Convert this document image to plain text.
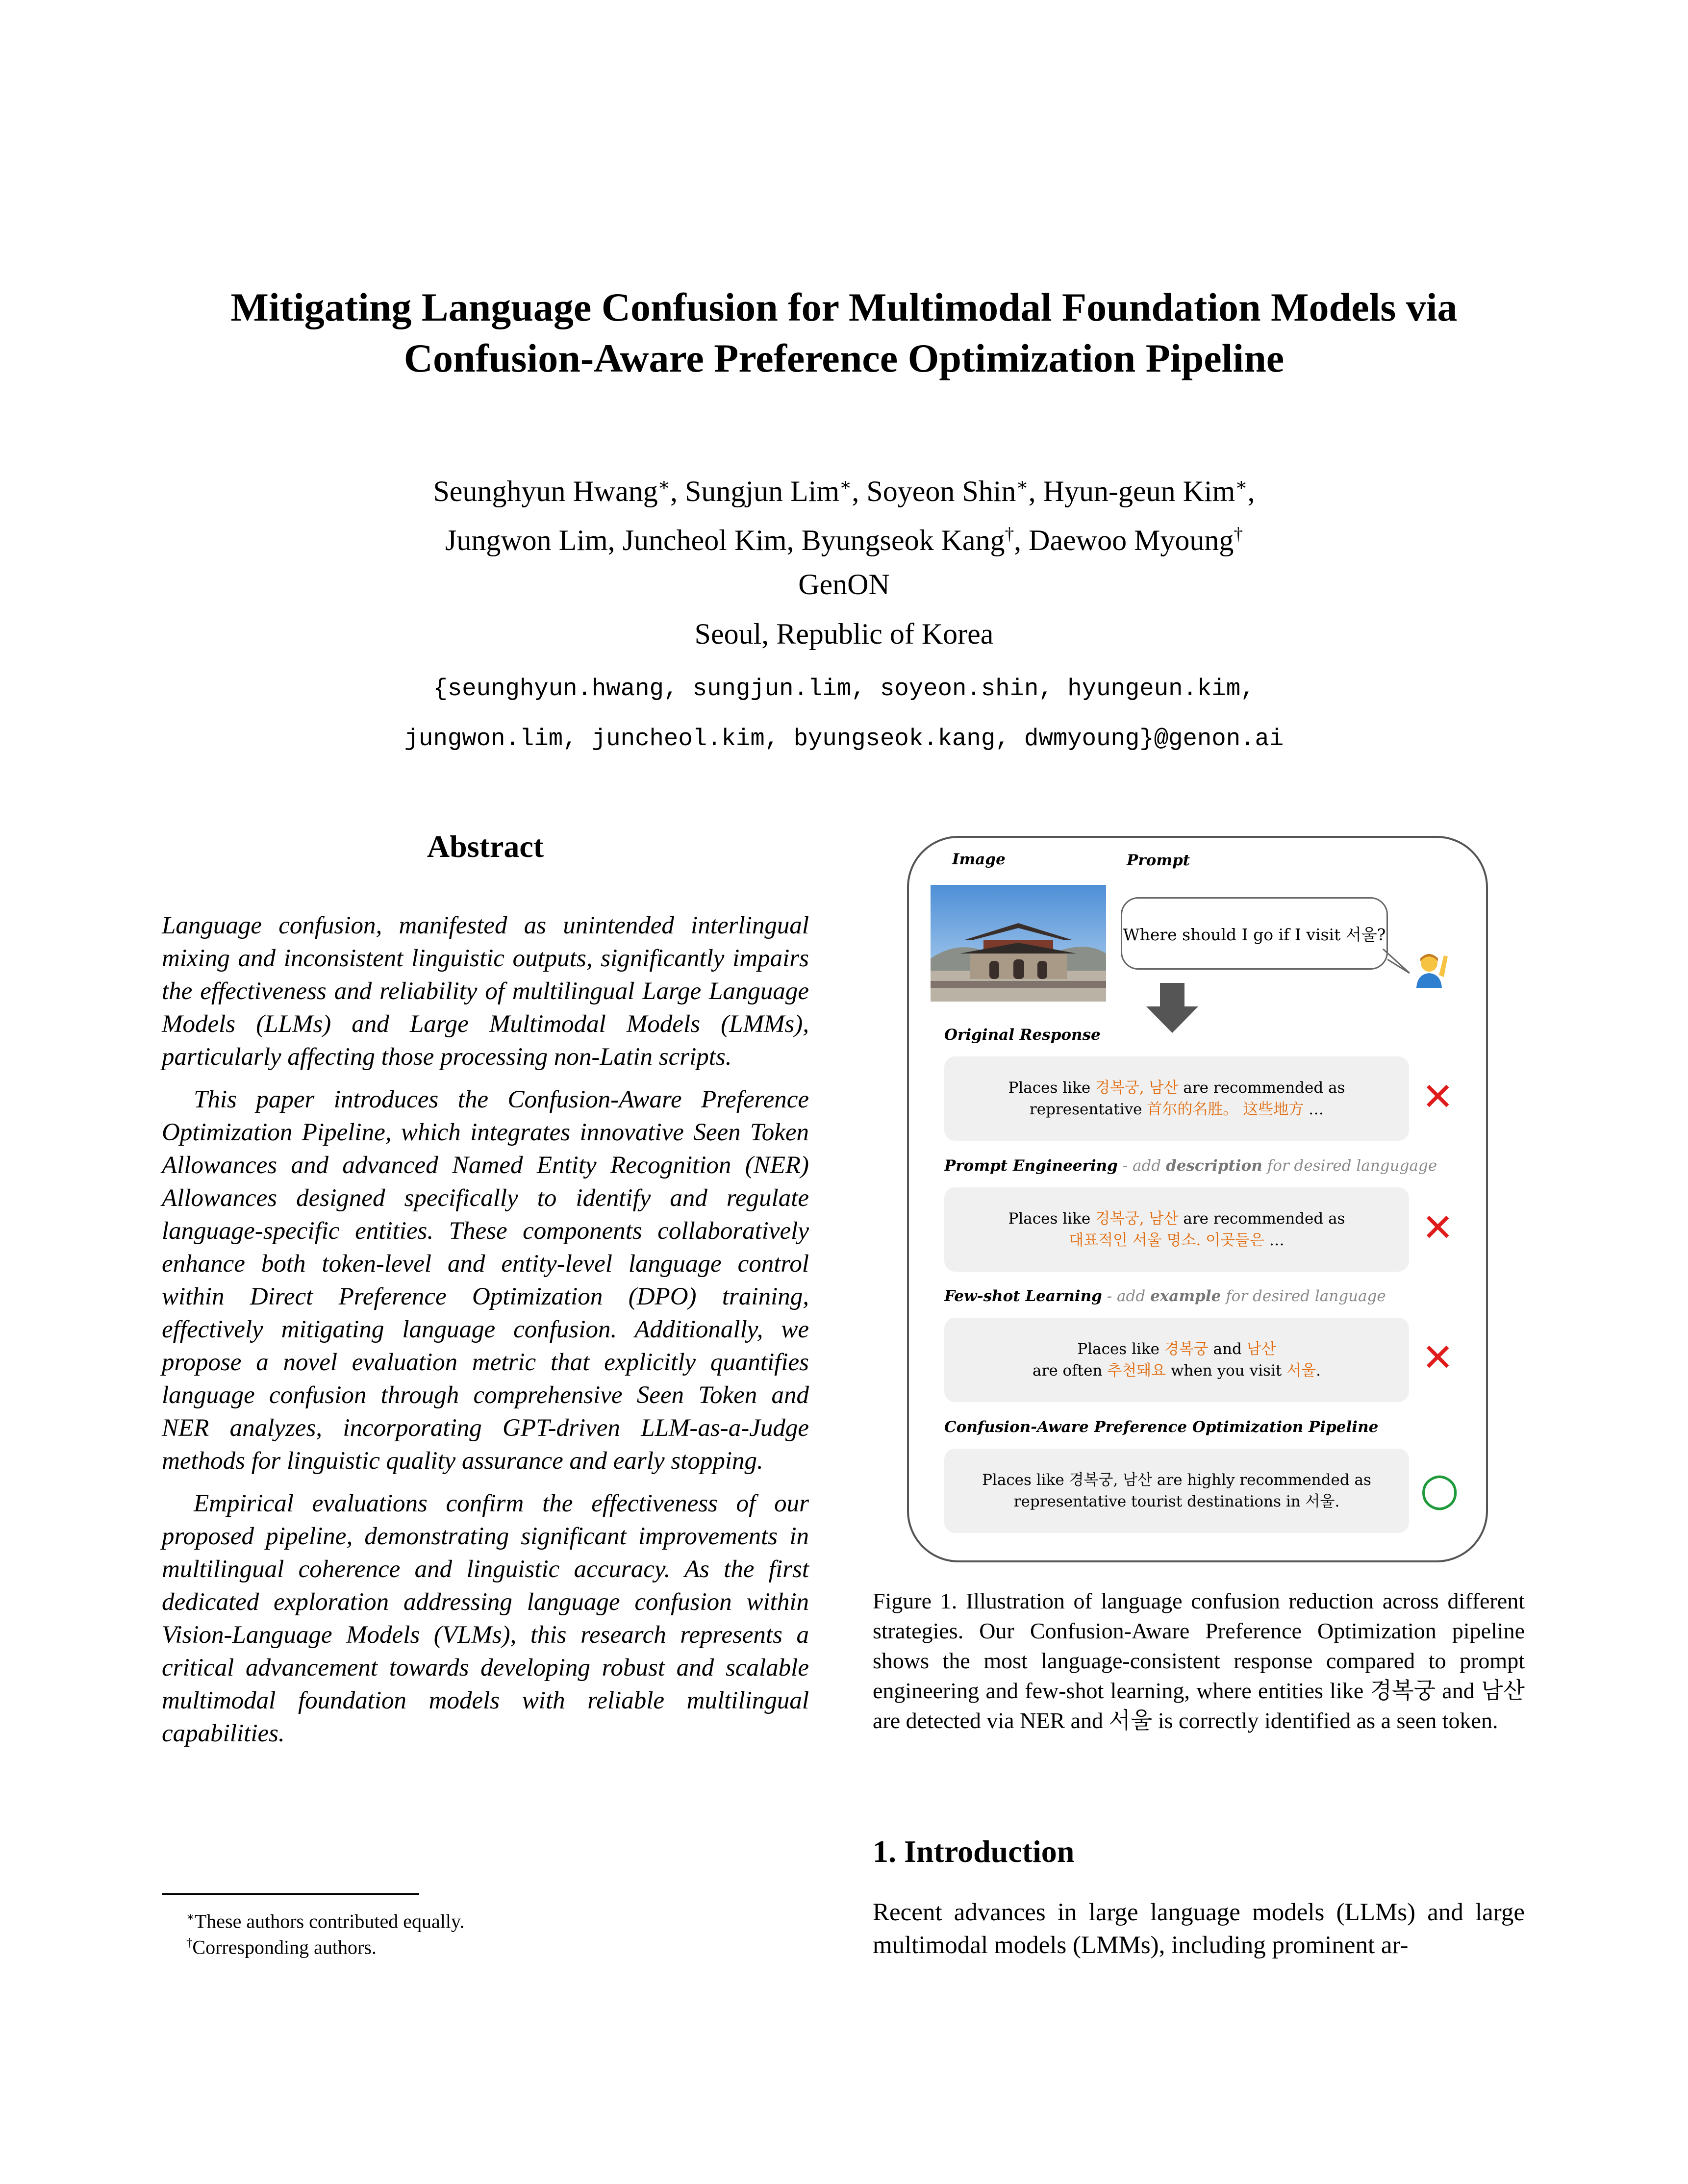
Mitigating Language Confusion for Multimodal Foundation Models via
Confusion-Aware Preference Optimization Pipeline
Seunghyun Hwang∗, Sungjun Lim∗, Soyeon Shin∗, Hyun-geun Kim∗,
Jungwon Lim, Juncheol Kim, Byungseok Kang†, Daewoo Myoung†
GenON
Seoul, Republic of Korea
{seunghyun.hwang, sungjun.lim, soyeon.shin, hyungeun.kim,
jungwon.lim, juncheol.kim, byungseok.kang, dwmyoung}@genon.ai
Abstract

Language confusion, manifested as unintended interlingual mixing and inconsistent linguistic outputs, significantly impairs the effectiveness and reliability of multilingual Large Language Models (LLMs) and Large Multimodal Models (LMMs), particularly affecting those processing non-Latin scripts.

This paper introduces the Confusion-Aware Preference Optimization Pipeline, which integrates innovative Seen Token Allowances and advanced Named Entity Recognition (NER) Allowances designed specifically to identify and regulate language-specific entities. These components collaboratively enhance both token-level and entity-level language control within Direct Preference Optimization (DPO) training, effectively mitigating language confusion. Additionally, we propose a novel evaluation metric that explicitly quantifies language confusion through comprehensive Seen Token and NER analyzes, incorporating GPT-driven LLM-as-a-Judge methods for linguistic quality assurance and early stopping.

Empirical evaluations confirm the effectiveness of our proposed pipeline, demonstrating significant improvements in multilingual coherence and linguistic accuracy. As the first dedicated exploration addressing language confusion within Vision-Language Models (VLMs), this research represents a critical advancement towards developing robust and scalable multimodal foundation models with reliable multilingual capabilities.

∗These authors contributed equally.
†Corresponding authors.
Image	Prompt
Where should I go if I visit 서울?
Original Response
Places like 경복궁, 남산 are recommended as
representative 首尔的名胜。 这些地方 …	✕
Prompt Engineering - add description for desired langugage
Places like 경복궁, 남산 are recommended as
대표적인 서울 명소. 이곳들은 …	✕
Few-shot Learning - add example for desired language
Places like 경복궁 and 남산
are often 추천돼요 when you visit 서울.	✕
Confusion-Aware Preference Optimization Pipeline
Places like 경복궁, 남산 are highly recommended as
representative tourist destinations in 서울.	○
Figure 1. Illustration of language confusion reduction across different strategies. Our Confusion-Aware Preference Optimization pipeline shows the most language-consistent response compared to prompt engineering and few-shot learning, where entities like 경복궁 and 남산 are detected via NER and 서울 is correctly identified as a seen token.
1. Introduction
Recent advances in large language models (LLMs) and large multimodal models (LMMs), including prominent ar-
